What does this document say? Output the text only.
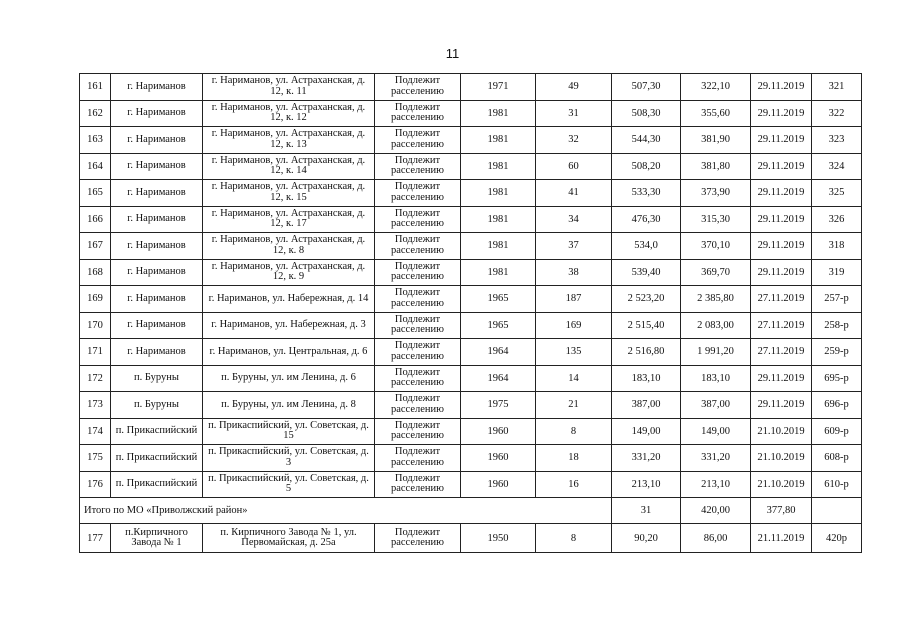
11
161	г. Нариманов	г. Нариманов, ул. Астраханская, д. 12, к. 11	Подлежит расселению	1971	49	507,30	322,10	29.11.2019	321
162	г. Нариманов	г. Нариманов, ул. Астраханская, д. 12, к. 12	Подлежит расселению	1981	31	508,30	355,60	29.11.2019	322
163	г. Нариманов	г. Нариманов, ул. Астраханская, д. 12, к. 13	Подлежит расселению	1981	32	544,30	381,90	29.11.2019	323
164	г. Нариманов	г. Нариманов, ул. Астраханская, д. 12, к. 14	Подлежит расселению	1981	60	508,20	381,80	29.11.2019	324
165	г. Нариманов	г. Нариманов, ул. Астраханская, д. 12, к. 15	Подлежит расселению	1981	41	533,30	373,90	29.11.2019	325
166	г. Нариманов	г. Нариманов, ул. Астраханская, д. 12, к. 17	Подлежит расселению	1981	34	476,30	315,30	29.11.2019	326
167	г. Нариманов	г. Нариманов, ул. Астраханская, д. 12, к. 8	Подлежит расселению	1981	37	534,0	370,10	29.11.2019	318
168	г. Нариманов	г. Нариманов, ул. Астраханская, д. 12, к. 9	Подлежит расселению	1981	38	539,40	369,70	29.11.2019	319
169	г. Нариманов	г. Нариманов, ул. Набережная, д. 14	Подлежит расселению	1965	187	2 523,20	2 385,80	27.11.2019	257-р
170	г. Нариманов	г. Нариманов, ул. Набережная, д. 3	Подлежит расселению	1965	169	2 515,40	2 083,00	27.11.2019	258-р
171	г. Нариманов	г. Нариманов, ул. Центральная, д. 6	Подлежит расселению	1964	135	2 516,80	1 991,20	27.11.2019	259-р
172	п. Буруны	п. Буруны, ул. им Ленина, д. 6	Подлежит расселению	1964	14	183,10	183,10	29.11.2019	695-р
173	п. Буруны	п. Буруны, ул. им Ленина, д. 8	Подлежит расселению	1975	21	387,00	387,00	29.11.2019	696-р
174	п. Прикаспийский	п. Прикаспийский, ул. Советская, д. 15	Подлежит расселению	1960	8	149,00	149,00	21.10.2019	609-р
175	п. Прикаспийский	п. Прикаспийский, ул. Советская, д. 3	Подлежит расселению	1960	18	331,20	331,20	21.10.2019	608-р
176	п. Прикаспийский	п. Прикаспийский, ул. Советская, д. 5	Подлежит расселению	1960	16	213,10	213,10	21.10.2019	610-р
Итого по МО «Приволжский район»						31	420,00	377,80	
177	п.Кирпичного Завода № 1	п. Кирпичного Завода № 1, ул. Первомайская, д. 25а	Подлежит расселению	1950	8	90,20	86,00	21.11.2019	420р
